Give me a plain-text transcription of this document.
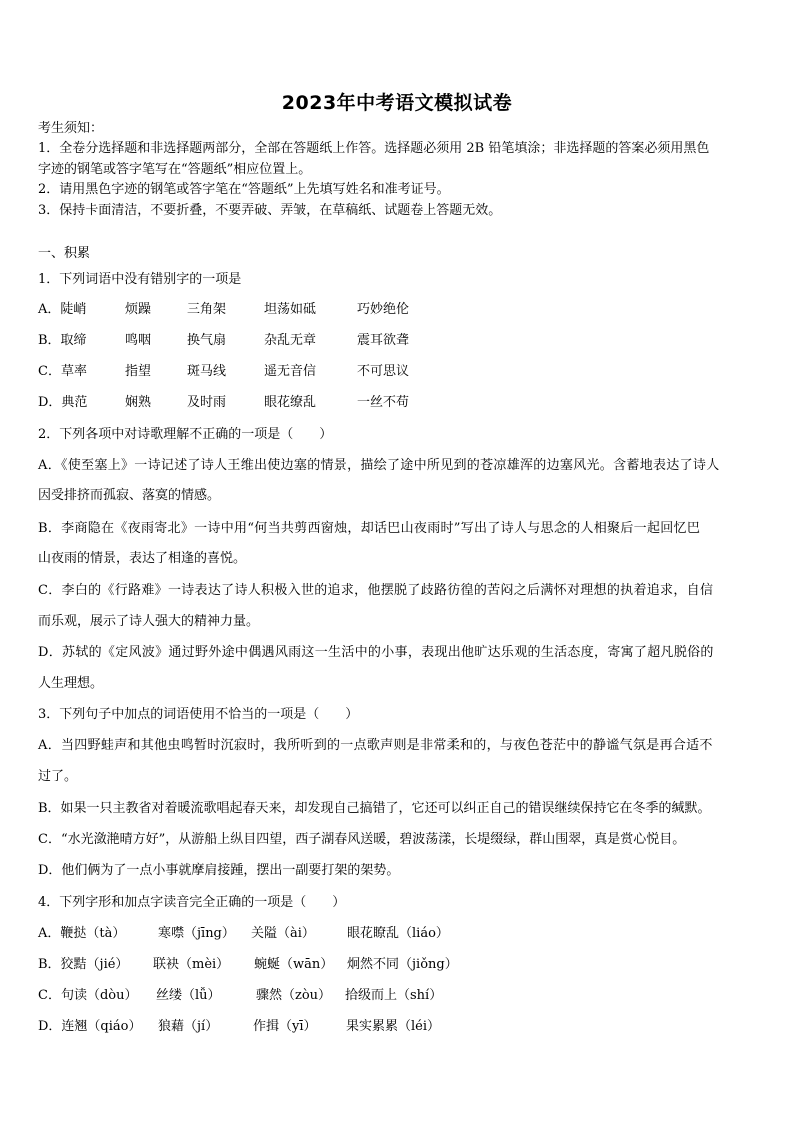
2023年中考语文模拟试卷
考生须知：
1．全卷分选择题和非选择题两部分，全部在答题纸上作答。选择题必须用 2B 铅笔填涂；非选择题的答案必须用黑色
字迹的钢笔或答字笔写在“答题纸”相应位置上。
2．请用黑色字迹的钢笔或答字笔在“答题纸”上先填写姓名和准考证号。
3．保持卡面清洁，不要折叠，不要弄破、弄皱，在草稿纸、试题卷上答题无效。
一、积累
1．下列词语中没有错别字的一项是
A．陡峭	烦躁	三角架	坦荡如砥	巧妙绝伦
B．取缔	鸣咽	换气扇	杂乱无章	震耳欲聋
C．草率	指望	斑马线	遥无音信	不可思议
D．典范	娴熟	及时雨	眼花缭乱	一丝不苟
2．下列各项中对诗歌理解不正确的一项是（　　）
A．《使至塞上》一诗记述了诗人王维出使边塞的情景，描绘了途中所见到的苍凉雄浑的边塞风光。含蓄地表达了诗人
因受排挤而孤寂、落寞的情感。
B．李商隐在《夜雨寄北》一诗中用“何当共剪西窗烛，却话巴山夜雨时”写出了诗人与思念的人相聚后一起回忆巴
山夜雨的情景，表达了相逢的喜悦。
C．李白的《行路难》一诗表达了诗人积极入世的追求，他摆脱了歧路彷徨的苦闷之后满怀对理想的执着追求，自信
而乐观，展示了诗人强大的精神力量。
D．苏轼的《定风波》通过野外途中偶遇风雨这一生活中的小事，表现出他旷达乐观的生活态度，寄寓了超凡脱俗的
人生理想。
3．下列句子中加点的词语使用不恰当的一项是（　　）
A．当四野蛙声和其他虫鸣暂时沉寂时，我所听到的一点歌声则是非常柔和的，与夜色苍茫中的静谧气氛是再合适不
过了。
B．如果一只主教省对着暖流歌唱起春天来，却发现自己搞错了，它还可以纠正自己的错误继续保持它在冬季的缄默。
C．“水光潋滟晴方好”，从游船上纵目四望，西子湖春风送暖，碧波荡漾，长堤缀绿，群山围翠，真是赏心悦目。
D．他们俩为了一点小事就摩肩接踵，摆出一副要打架的架势。
4．下列字形和加点字读音完全正确的一项是（　　）
A．鞭挞（tà）	寒噤（jīng） 关隘（ài） 眼花瞭乱（liáo）
B．狡黠（jié） 联袂（mèi） 蜿蜒（wān） 炯然不同（jiǒng）
C．句读（dòu） 丝缕（lǚ）	骤然（zòu） 拾级而上（shí）
D．连翘（qiáo） 狼藉（jí）	作揖（yī） 果实累累（léi）
